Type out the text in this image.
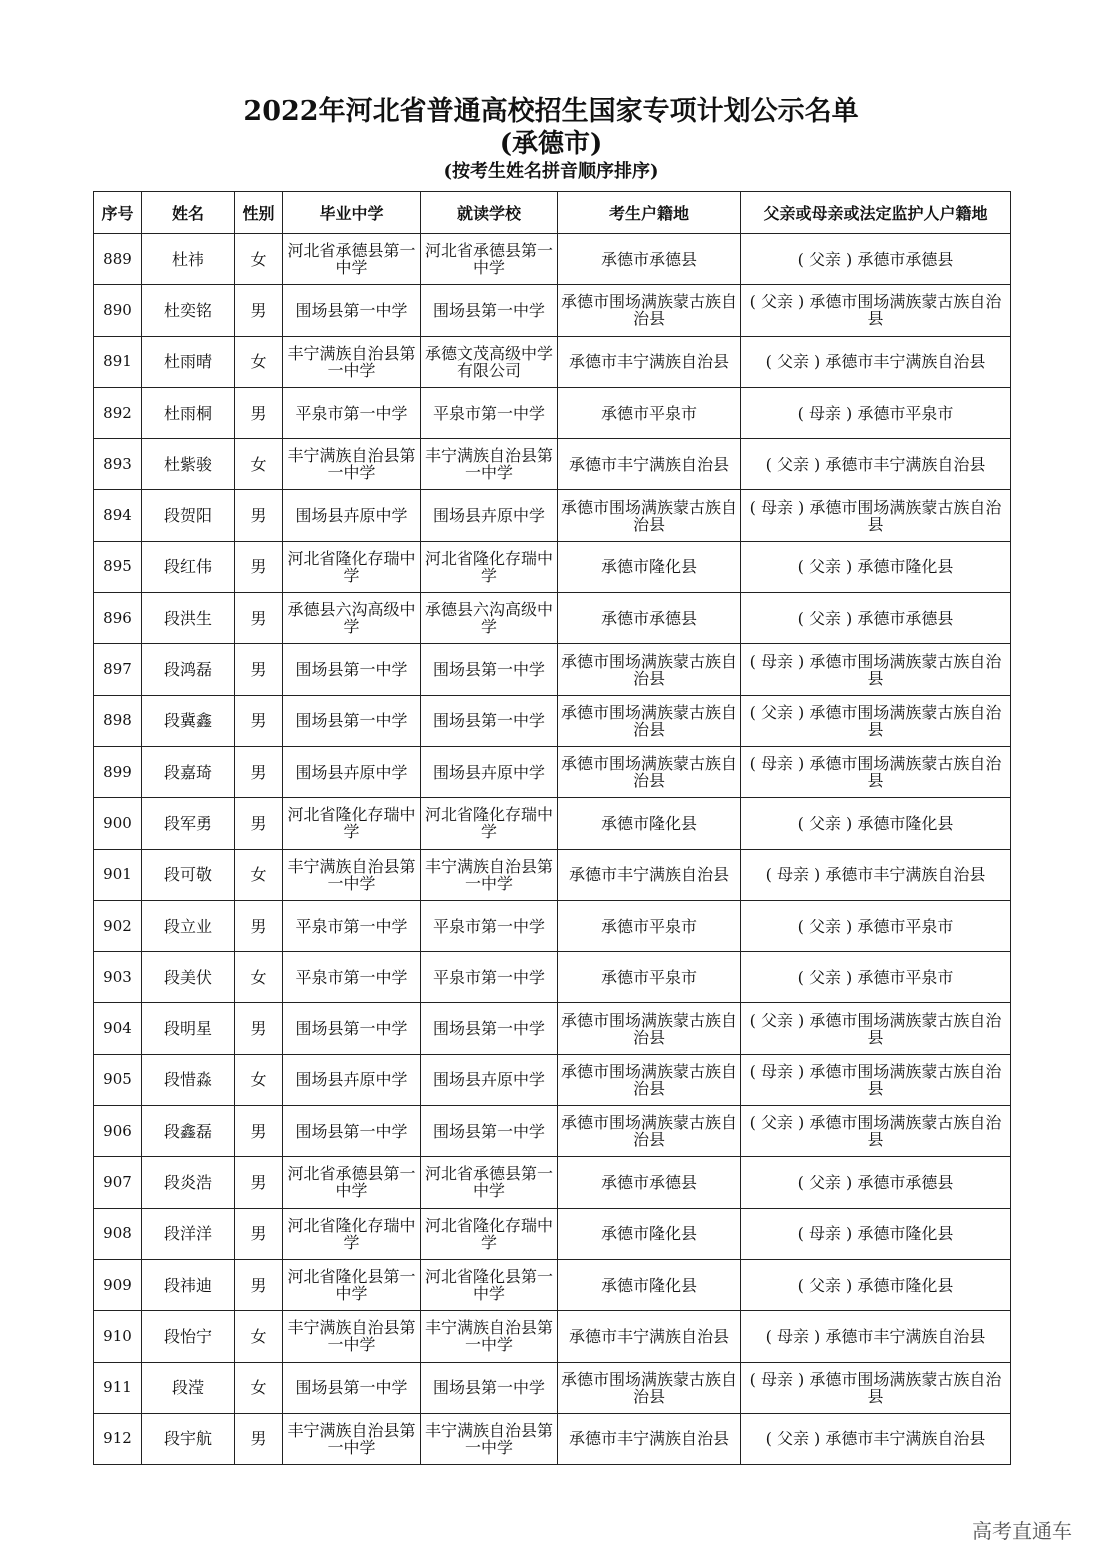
2022年河北省普通高校招生国家专项计划公示名单
(承德市)
(按考生姓名拼音顺序排序)
序号	姓名	性别	毕业中学	就读学校	考生户籍地	父亲或母亲或法定监护人户籍地
889	杜祎	女	河北省承德县第一中学	河北省承德县第一中学	承德市承德县	( 父亲 ) 承德市承德县
890	杜奕铭	男	围场县第一中学	围场县第一中学	承德市围场满族蒙古族自治县	( 父亲 ) 承德市围场满族蒙古族自治县
891	杜雨晴	女	丰宁满族自治县第一中学	承德文茂高级中学有限公司	承德市丰宁满族自治县	( 父亲 ) 承德市丰宁满族自治县
892	杜雨桐	男	平泉市第一中学	平泉市第一中学	承德市平泉市	( 母亲 ) 承德市平泉市
893	杜紫骏	女	丰宁满族自治县第一中学	丰宁满族自治县第一中学	承德市丰宁满族自治县	( 父亲 ) 承德市丰宁满族自治县
894	段贺阳	男	围场县卉原中学	围场县卉原中学	承德市围场满族蒙古族自治县	( 母亲 ) 承德市围场满族蒙古族自治县
895	段红伟	男	河北省隆化存瑞中学	河北省隆化存瑞中学	承德市隆化县	( 父亲 ) 承德市隆化县
896	段洪生	男	承德县六沟高级中学	承德县六沟高级中学	承德市承德县	( 父亲 ) 承德市承德县
897	段鸿磊	男	围场县第一中学	围场县第一中学	承德市围场满族蒙古族自治县	( 母亲 ) 承德市围场满族蒙古族自治县
898	段冀鑫	男	围场县第一中学	围场县第一中学	承德市围场满族蒙古族自治县	( 父亲 ) 承德市围场满族蒙古族自治县
899	段嘉琦	男	围场县卉原中学	围场县卉原中学	承德市围场满族蒙古族自治县	( 母亲 ) 承德市围场满族蒙古族自治县
900	段军勇	男	河北省隆化存瑞中学	河北省隆化存瑞中学	承德市隆化县	( 父亲 ) 承德市隆化县
901	段可敬	女	丰宁满族自治县第一中学	丰宁满族自治县第一中学	承德市丰宁满族自治县	( 母亲 ) 承德市丰宁满族自治县
902	段立业	男	平泉市第一中学	平泉市第一中学	承德市平泉市	( 父亲 ) 承德市平泉市
903	段美伏	女	平泉市第一中学	平泉市第一中学	承德市平泉市	( 父亲 ) 承德市平泉市
904	段明星	男	围场县第一中学	围场县第一中学	承德市围场满族蒙古族自治县	( 父亲 ) 承德市围场满族蒙古族自治县
905	段惜淼	女	围场县卉原中学	围场县卉原中学	承德市围场满族蒙古族自治县	( 母亲 ) 承德市围场满族蒙古族自治县
906	段鑫磊	男	围场县第一中学	围场县第一中学	承德市围场满族蒙古族自治县	( 父亲 ) 承德市围场满族蒙古族自治县
907	段炎浩	男	河北省承德县第一中学	河北省承德县第一中学	承德市承德县	( 父亲 ) 承德市承德县
908	段洋洋	男	河北省隆化存瑞中学	河北省隆化存瑞中学	承德市隆化县	( 母亲 ) 承德市隆化县
909	段祎迪	男	河北省隆化县第一中学	河北省隆化县第一中学	承德市隆化县	( 父亲 ) 承德市隆化县
910	段怡宁	女	丰宁满族自治县第一中学	丰宁满族自治县第一中学	承德市丰宁满族自治县	( 母亲 ) 承德市丰宁满族自治县
911	段滢	女	围场县第一中学	围场县第一中学	承德市围场满族蒙古族自治县	( 母亲 ) 承德市围场满族蒙古族自治县
912	段宇航	男	丰宁满族自治县第一中学	丰宁满族自治县第一中学	承德市丰宁满族自治县	( 父亲 ) 承德市丰宁满族自治县
高考直通车
